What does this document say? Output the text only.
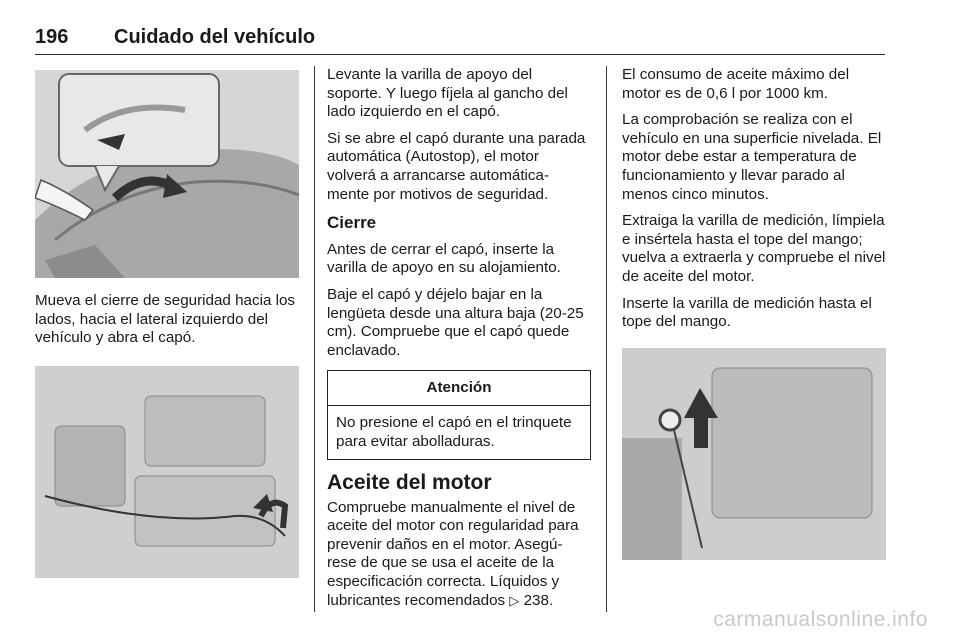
196 Cuidado del vehículo

Mueva el cierre de seguridad hacia los lados, hacia el lateral izquierdo del vehículo y abra el capó.

Levante la varilla de apoyo del soporte. Y luego fíjela al gancho del lado izquierdo en el capó.

Si se abre el capó durante una parada automática (Autostop), el motor volverá a arrancarse automática- mente por motivos de seguridad.

Cierre

Antes de cerrar el capó, inserte la varilla de apoyo en su alojamiento.

Baje el capó y déjelo bajar en la lengüeta desde una altura baja (20-25 cm). Compruebe que el capó quede enclavado.

Atención
No presione el capó en el trinquete para evitar abolladuras.
Aceite del motor

Compruebe manualmente el nivel de aceite del motor con regularidad para prevenir daños en el motor. Asegú- rese de que se usa el aceite de la especificación correcta. Líquidos y lubricantes recomendados ▷ 238.

El consumo de aceite máximo del motor es de 0,6 l por 1000 km.

La comprobación se realiza con el vehículo en una superficie nivelada. El motor debe estar a temperatura de funcionamiento y llevar parado al menos cinco minutos.

Extraiga la varilla de medición, límpiela e insértela hasta el tope del mango; vuelva a extraerla y compruebe el nivel de aceite del motor.

Inserte la varilla de medición hasta el tope del mango.

carmanualsonline.info
